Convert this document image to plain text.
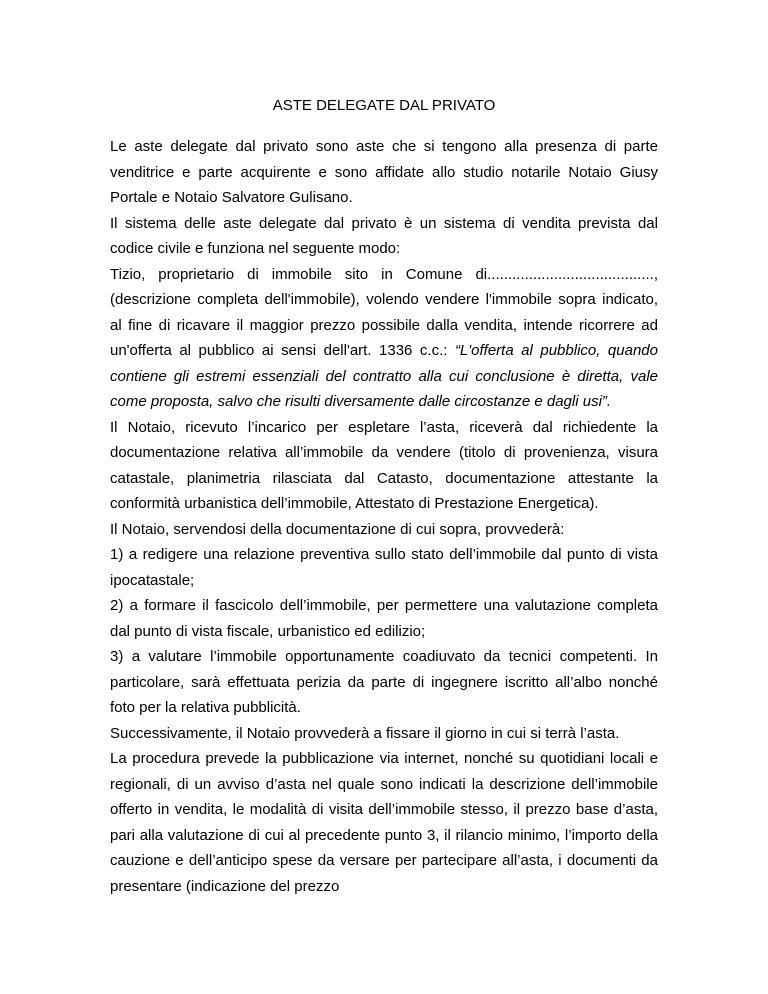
ASTE DELEGATE DAL PRIVATO

Le aste delegate dal privato sono aste che si tengono alla presenza di parte venditrice e parte acquirente e sono affidate allo studio notarile Notaio Giusy Portale e Notaio Salvatore Gulisano.

Il sistema delle aste delegate dal privato è un sistema di vendita prevista dal codice civile e funziona nel seguente modo:

Tizio, proprietario di immobile sito in Comune di........................................, (descrizione completa dell'immobile), volendo vendere l'immobile sopra indicato, al fine di ricavare il maggior prezzo possibile dalla vendita, intende ricorrere ad un'offerta al pubblico ai sensi dell'art. 1336 c.c.: “L'offerta al pubblico, quando contiene gli estremi essenziali del contratto alla cui conclusione è diretta, vale come proposta, salvo che risulti diversamente dalle circostanze e dagli usi”.

Il Notaio, ricevuto l’incarico per espletare l’asta, riceverà dal richiedente la documentazione relativa all’immobile da vendere (titolo di provenienza, visura catastale, planimetria rilasciata dal Catasto, documentazione attestante la conformità urbanistica dell’immobile, Attestato di Prestazione Energetica).

Il Notaio, servendosi della documentazione di cui sopra, provvederà:

1) a redigere una relazione preventiva sullo stato dell’immobile dal punto di vista ipocatastale;

2) a formare il fascicolo dell’immobile, per permettere una valutazione completa dal punto di vista fiscale, urbanistico ed edilizio;

3) a valutare l’immobile opportunamente coadiuvato da tecnici competenti. In particolare, sarà effettuata perizia da parte di ingegnere iscritto all’albo nonché foto per la relativa pubblicità.

Successivamente, il Notaio provvederà a fissare il giorno in cui si terrà l’asta.

La procedura prevede la pubblicazione via internet, nonché su quotidiani locali e regionali, di un avviso d’asta nel quale sono indicati la descrizione dell’immobile offerto in vendita, le modalità di visita dell’immobile stesso, il prezzo base d’asta, pari alla valutazione di cui al precedente punto 3, il rilancio minimo, l’importo della cauzione e dell’anticipo spese da versare per partecipare all’asta, i documenti da presentare (indicazione del prezzo
